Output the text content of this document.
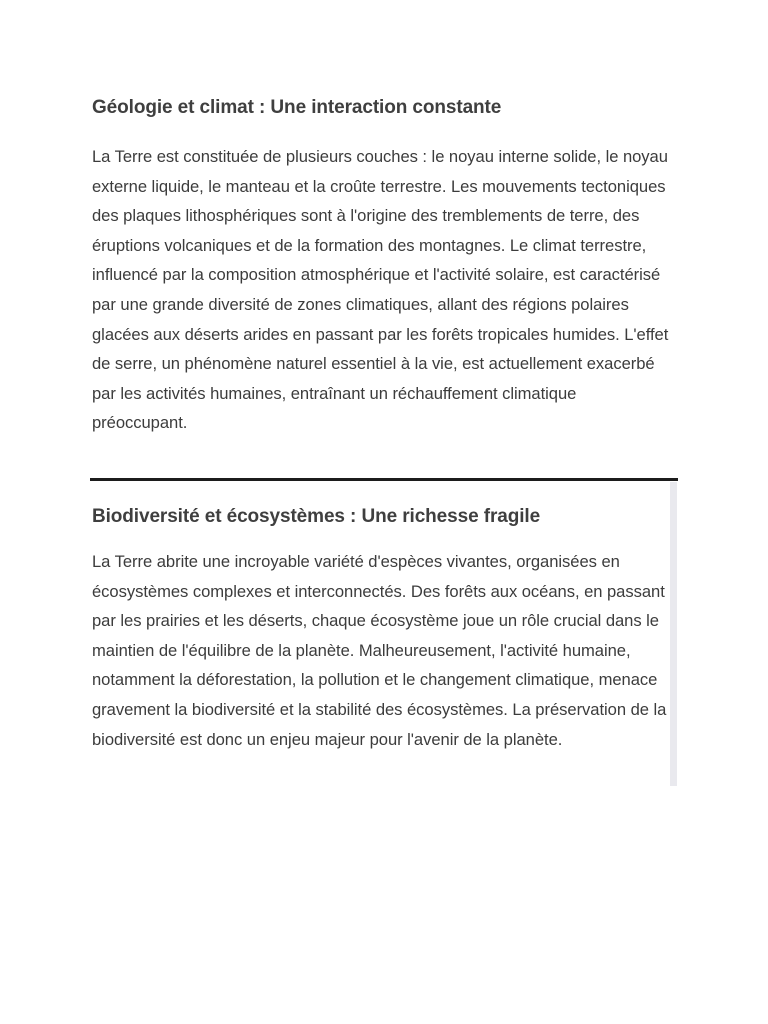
Géologie et climat : Une interaction constante

La Terre est constituée de plusieurs couches : le noyau interne solide, le noyau externe liquide, le manteau et la croûte terrestre. Les mouvements tectoniques des plaques lithosphériques sont à l'origine des tremblements de terre, des éruptions volcaniques et de la formation des montagnes. Le climat terrestre, influencé par la composition atmosphérique et l'activité solaire, est caractérisé par une grande diversité de zones climatiques, allant des régions polaires glacées aux déserts arides en passant par les forêts tropicales humides. L'effet de serre, un phénomène naturel essentiel à la vie, est actuellement exacerbé par les activités humaines, entraînant un réchauffement climatique préoccupant.

Biodiversité et écosystèmes : Une richesse fragile

La Terre abrite une incroyable variété d'espèces vivantes, organisées en écosystèmes complexes et interconnectés. Des forêts aux océans, en passant par les prairies et les déserts, chaque écosystème joue un rôle crucial dans le maintien de l'équilibre de la planète. Malheureusement, l'activité humaine, notamment la déforestation, la pollution et le changement climatique, menace gravement la biodiversité et la stabilité des écosystèmes. La préservation de la biodiversité est donc un enjeu majeur pour l'avenir de la planète.
